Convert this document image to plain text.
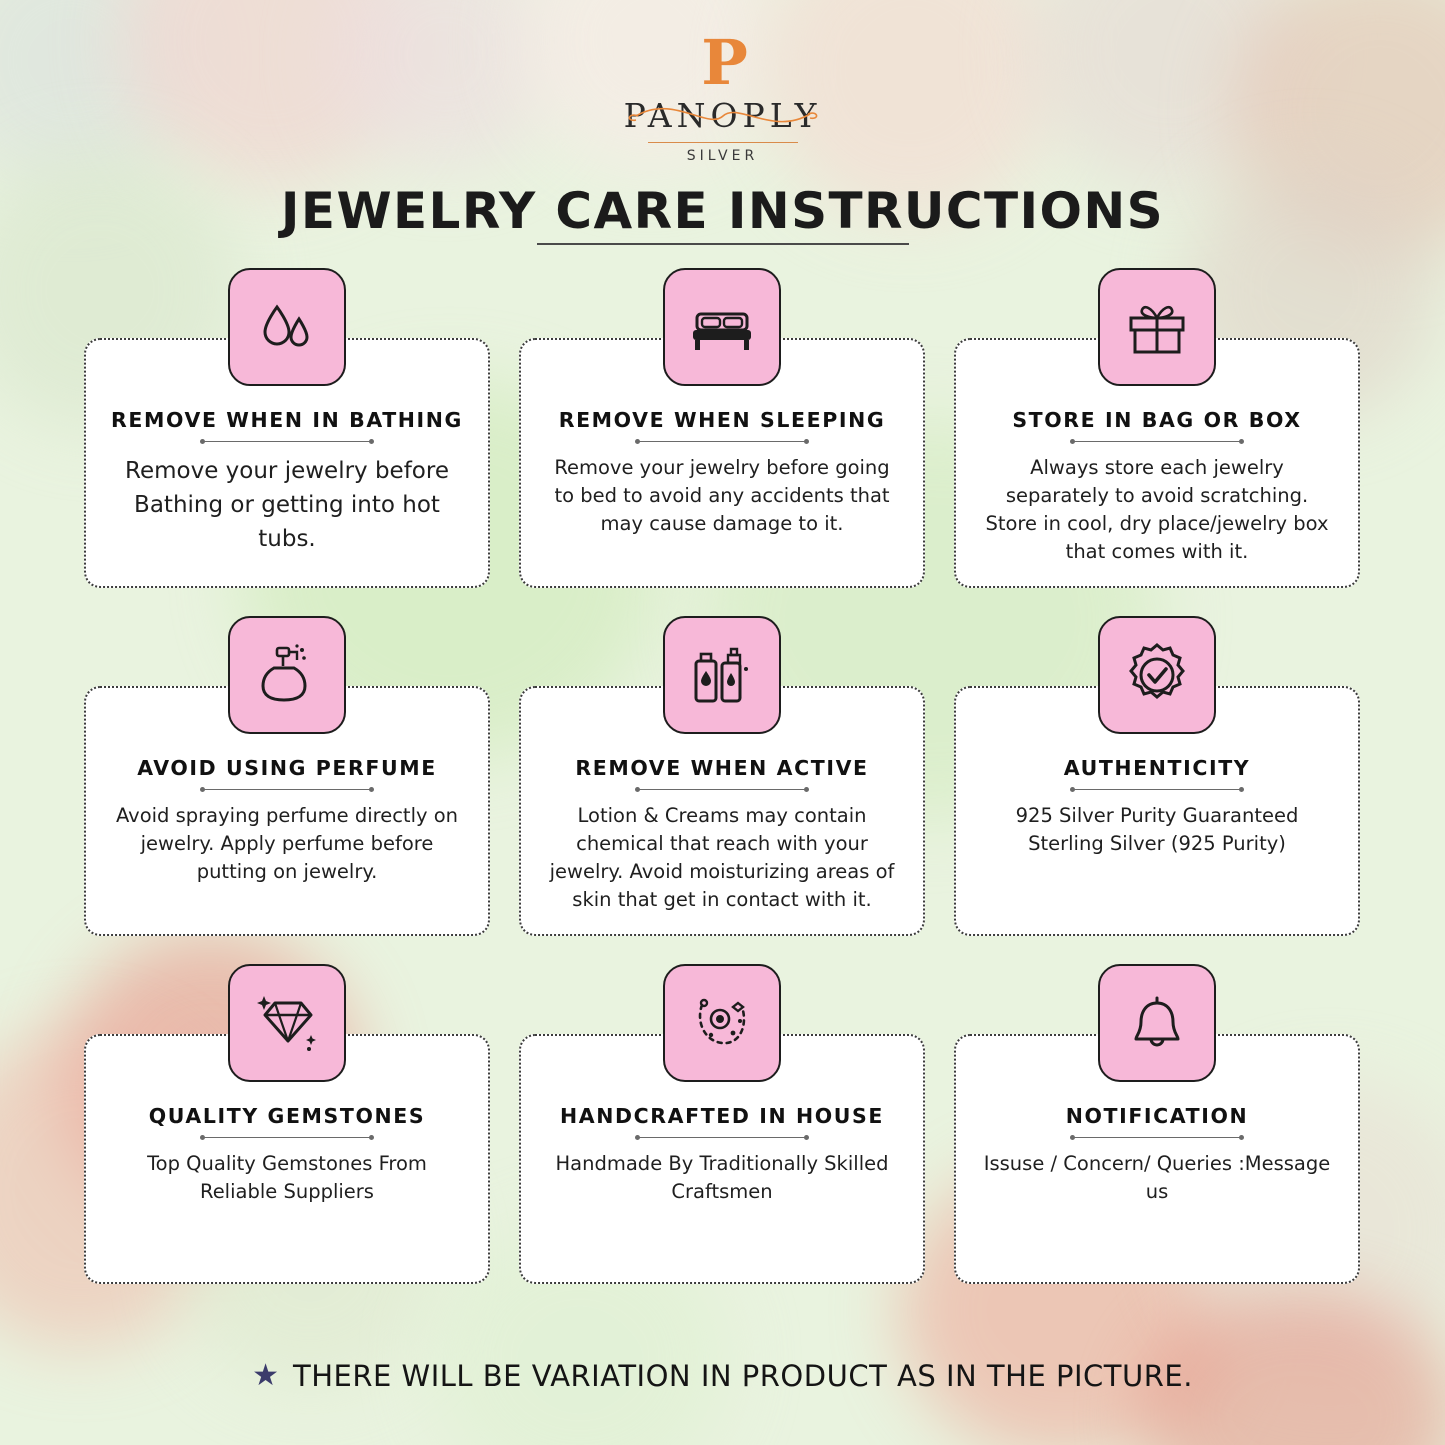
P
PANOPLY
SILVER
JEWELRY CARE INSTRUCTIONS
REMOVE WHEN IN BATHING
Remove your jewelry before Bathing or getting into hot tubs.
REMOVE WHEN SLEEPING
Remove your jewelry before going to bed to avoid any accidents that may cause damage to it.
STORE IN BAG OR BOX
Always store each jewelry separately to avoid scratching. Store in cool, dry place/jewelry box that comes with it.
AVOID USING PERFUME
Avoid spraying perfume directly on jewelry. Apply perfume before putting on jewelry.
REMOVE WHEN ACTIVE
Lotion & Creams may contain chemical that reach with your jewelry. Avoid moisturizing areas of skin that get in contact with it.
AUTHENTICITY
925 Silver Purity Guaranteed Sterling Silver (925 Purity)
QUALITY GEMSTONES
Top Quality Gemstones From Reliable Suppliers
HANDCRAFTED IN HOUSE
Handmade By Traditionally Skilled Craftsmen
NOTIFICATION
Issuse / Concern/ Queries :Message us
★ THERE WILL BE VARIATION IN PRODUCT AS IN THE PICTURE.
